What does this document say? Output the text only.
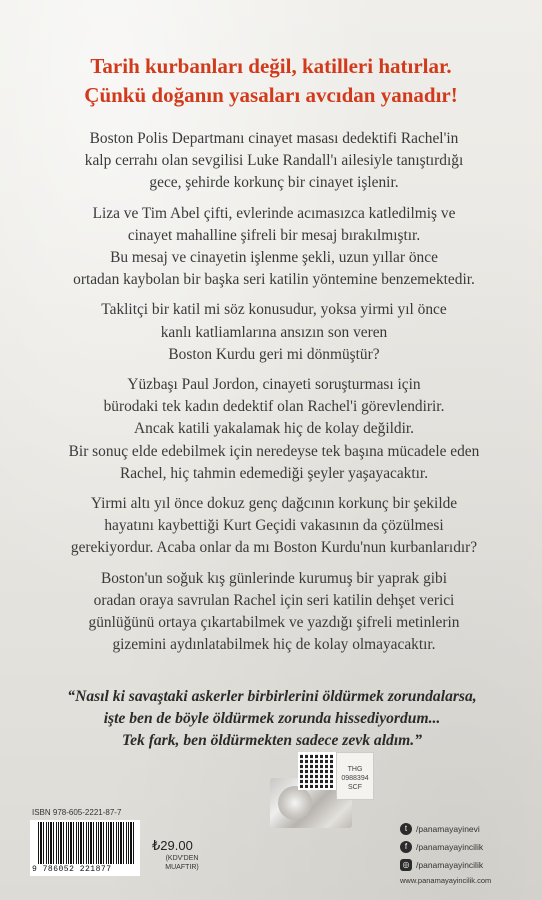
Tarih kurbanları değil, katilleri hatırlar.
Çünkü doğanın yasaları avcıdan yanadır!
Boston Polis Departmanı cinayet masası dedektifi Rachel'in
kalp cerrahı olan sevgilisi Luke Randall'ı ailesiyle tanıştırdığı
gece, şehirde korkunç bir cinayet işlenir.
Liza ve Tim Abel çifti, evlerinde acımasızca katledilmiş ve
cinayet mahalline şifreli bir mesaj bırakılmıştır.
Bu mesaj ve cinayetin işlenme şekli, uzun yıllar önce
ortadan kaybolan bir başka seri katilin yöntemine benzemektedir.
Taklitçi bir katil mi söz konusudur, yoksa yirmi yıl önce
kanlı katliamlarına ansızın son veren
Boston Kurdu geri mi dönmüştür?
Yüzbaşı Paul Jordon, cinayeti soruşturması için
bürodaki tek kadın dedektif olan Rachel'i görevlendirir.
Ancak katili yakalamak hiç de kolay değildir.
Bir sonuç elde edebilmek için neredeyse tek başına mücadele eden
Rachel, hiç tahmin edemediği şeyler yaşayacaktır.
Yirmi altı yıl önce dokuz genç dağcının korkunç bir şekilde
hayatını kaybettiği Kurt Geçidi vakasının da çözülmesi
gerekiyordur. Acaba onlar da mı Boston Kurdu'nun kurbanlarıdır?
Boston'un soğuk kış günlerinde kurumuş bir yaprak gibi
oradan oraya savrulan Rachel için seri katilin dehşet verici
günlüğünü ortaya çıkartabilmek ve yazdığı şifreli metinlerin
gizemini aydınlatabilmek hiç de kolay olmayacaktır.
“Nasıl ki savaştaki askerler birbirlerini öldürmek zorundalarsa,
işte ben de böyle öldürmek zorunda hissediyordum...
Tek fark, ben öldürmekten sadece zevk aldım.”
ISBN 978-605-2221-87-7
9 786052 221877
₺29.00
(KDV'DEN MUAFTIR)
THG 0988394 SCF
t	/panamayayinevi
f	/panamayayincilik
◎ /panamayayincilik
www.panamayayincilik.com
